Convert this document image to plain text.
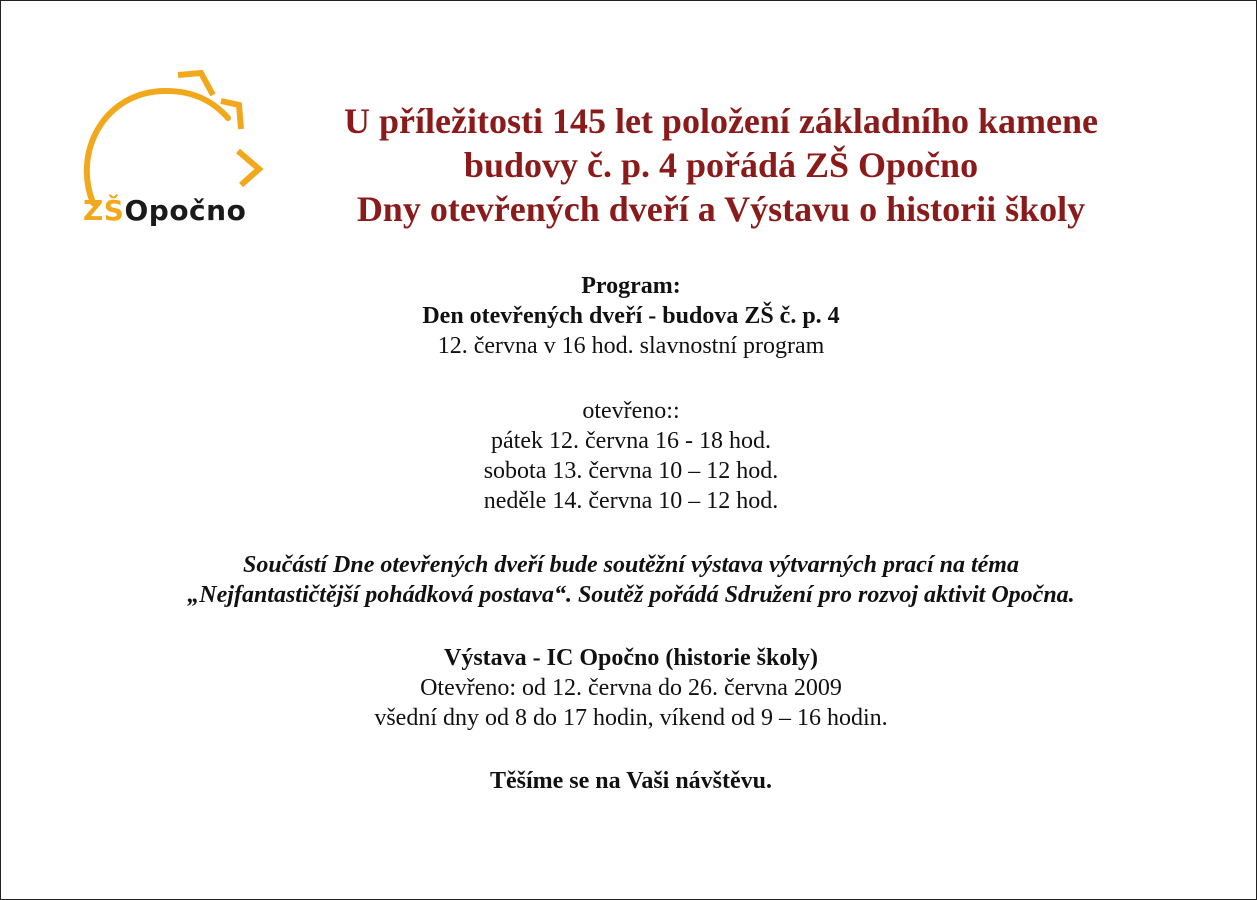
ZŠOpočno
U příležitosti 145 let položení základního kamene
budovy č. p. 4 pořádá ZŠ Opočno
Dny otevřených dveří a Výstavu o historii školy
Program:
Den otevřených dveří - budova ZŠ č. p. 4
12. června v 16 hod. slavnostní program
otevřeno::
pátek 12. června 16 - 18 hod.
sobota 13. června 10 – 12 hod.
neděle 14. června 10 – 12 hod.
Součástí Dne otevřených dveří bude soutěžní výstava výtvarných prací na téma
„Nejfantastičtější pohádková postava“. Soutěž pořádá Sdružení pro rozvoj aktivit Opočna.
Výstava - IC Opočno (historie školy)
Otevřeno: od 12. června do 26. června 2009
všední dny od 8 do 17 hodin, víkend od 9 – 16 hodin.
Těšíme se na Vaši návštěvu.
